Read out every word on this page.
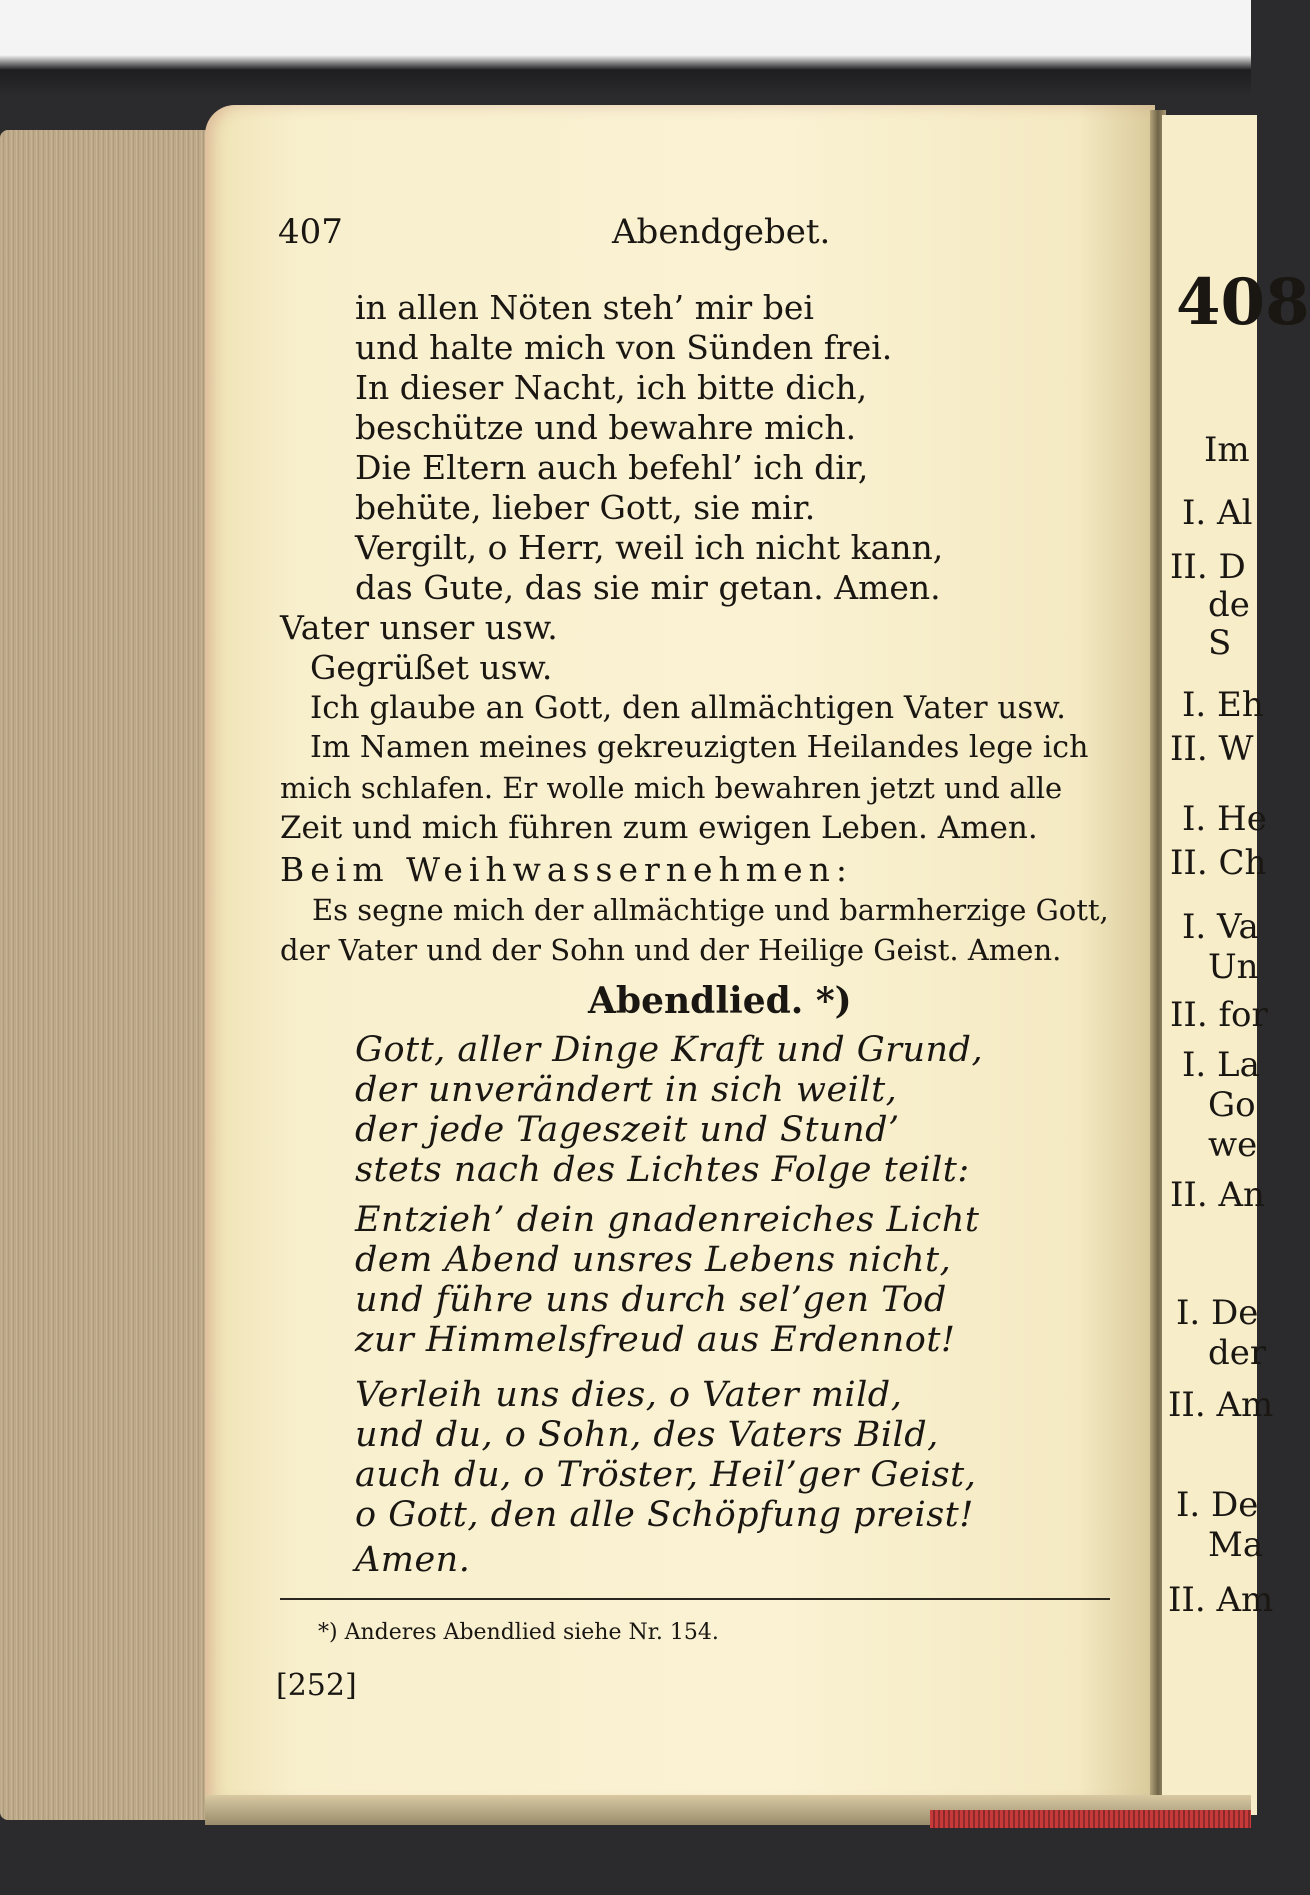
407	Abendgebet.
in allen Nöten steh’ mir bei
und halte mich von Sünden frei.
In dieser Nacht, ich bitte dich,
beschütze und bewahre mich.
Die Eltern auch befehl’ ich dir,
behüte, lieber Gott, sie mir.
Vergilt, o Herr, weil ich nicht kann,
das Gute, das sie mir getan. Amen.
Vater unser usw.
Gegrüßet usw.
Ich glaube an Gott, den allmächtigen Vater usw.
Im Namen meines gekreuzigten Heilandes lege ich
mich schlafen. Er wolle mich bewahren jetzt und alle
Zeit und mich führen zum ewigen Leben. Amen.
Beim Weihwassernehmen:
Es segne mich der allmächtige und barmherzige Gott,
der Vater und der Sohn und der Heilige Geist. Amen.
Abendlied. *)
Gott, aller Dinge Kraft und Grund,
der unverändert in sich weilt,
der jede Tageszeit und Stund’
stets nach des Lichtes Folge teilt:
Entzieh’ dein gnadenreiches Licht
dem Abend unsres Lebens nicht,
und führe uns durch sel’gen Tod
zur Himmelsfreud aus Erdennot!
Verleih uns dies, o Vater mild,
und du, o Sohn, des Vaters Bild,
auch du, o Tröster, Heil’ger Geist,
o Gott, den alle Schöpfung preist!
Amen.
*) Anderes Abendlied siehe Nr. 154.
[252]
408
Im
I. Al
II. D
de
S
I. Eh
II. W
I. He
II. Ch
I. Va
Un
II. for
I. La
Go
we
II. An
I. De
der
II. Am
I. De
Ma
II. Am
